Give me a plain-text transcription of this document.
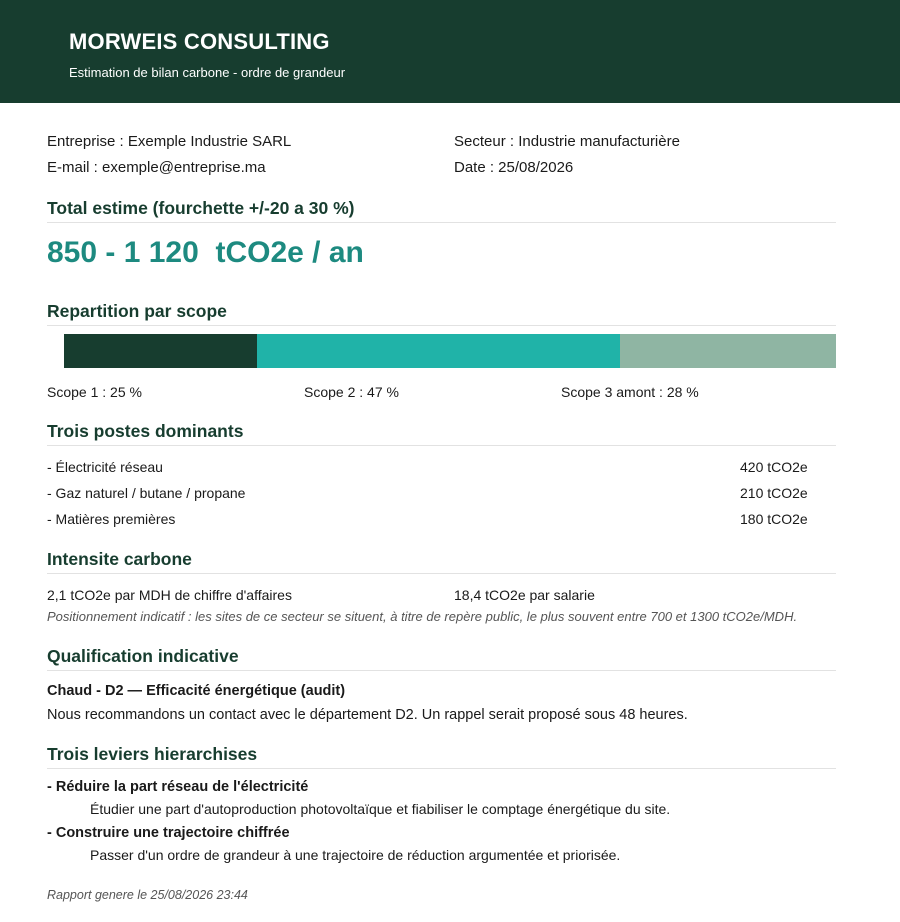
MORWEIS CONSULTING
Estimation de bilan carbone - ordre de grandeur
Entreprise : Exemple Industrie SARL	Secteur : Industrie manufacturière
E-mail : exemple@entreprise.ma	Date : 25/08/2026
Total estime (fourchette +/-20 a 30 %)
850 - 1 120  tCO2e / an
Repartition par scope
Scope 1 : 25 %	Scope 2 : 47 %	Scope 3 amont : 28 %
Trois postes dominants
- Électricité réseau	420 tCO2e
- Gaz naturel / butane / propane	210 tCO2e
- Matières premières	180 tCO2e
Intensite carbone
2,1 tCO2e par MDH de chiffre d'affaires	18,4 tCO2e par salarie
Positionnement indicatif : les sites de ce secteur se situent, à titre de repère public, le plus souvent entre 700 et 1300 tCO2e/MDH.
Qualification indicative
Chaud - D2 — Efficacité énergétique (audit)
Nous recommandons un contact avec le département D2. Un rappel serait proposé sous 48 heures.
Trois leviers hierarchises
- Réduire la part réseau de l'électricité
Étudier une part d'autoproduction photovoltaïque et fiabiliser le comptage énergétique du site.
- Construire une trajectoire chiffrée
Passer d'un ordre de grandeur à une trajectoire de réduction argumentée et priorisée.
Rapport genere le 25/08/2026 23:44
